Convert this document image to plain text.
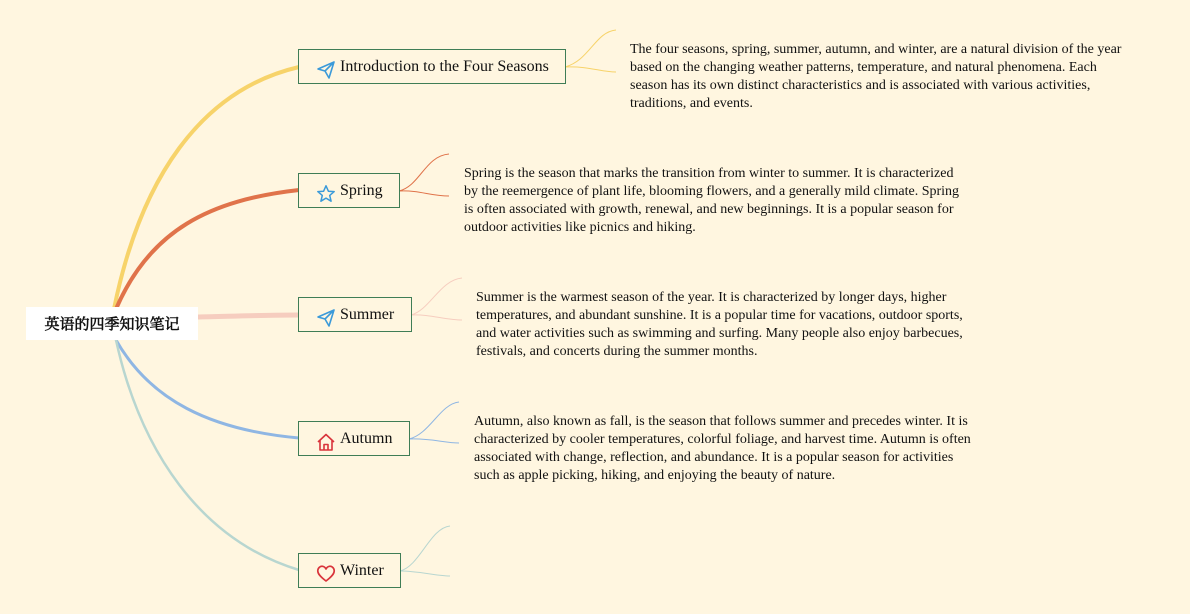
英语的四季知识笔记
Introduction to the Four Seasons
The four seasons, spring, summer, autumn, and winter, are a natural division of the year based on the changing weather patterns, temperature, and natural phenomena. Each season has its own distinct characteristics and is associated with various activities, traditions, and events.
Spring
Spring is the season that marks the transition from winter to summer. It is characterized by the reemergence of plant life, blooming flowers, and a generally mild climate. Spring is often associated with growth, renewal, and new beginnings. It is a popular season for outdoor activities like picnics and hiking.
Summer
Summer is the warmest season of the year. It is characterized by longer days, higher temperatures, and abundant sunshine. It is a popular time for vacations, outdoor sports, and water activities such as swimming and surfing. Many people also enjoy barbecues, festivals, and concerts during the summer months.
Autumn
Autumn, also known as fall, is the season that follows summer and precedes winter. It is characterized by cooler temperatures, colorful foliage, and harvest time. Autumn is often associated with change, reflection, and abundance. It is a popular season for activities such as apple picking, hiking, and enjoying the beauty of nature.
Winter
